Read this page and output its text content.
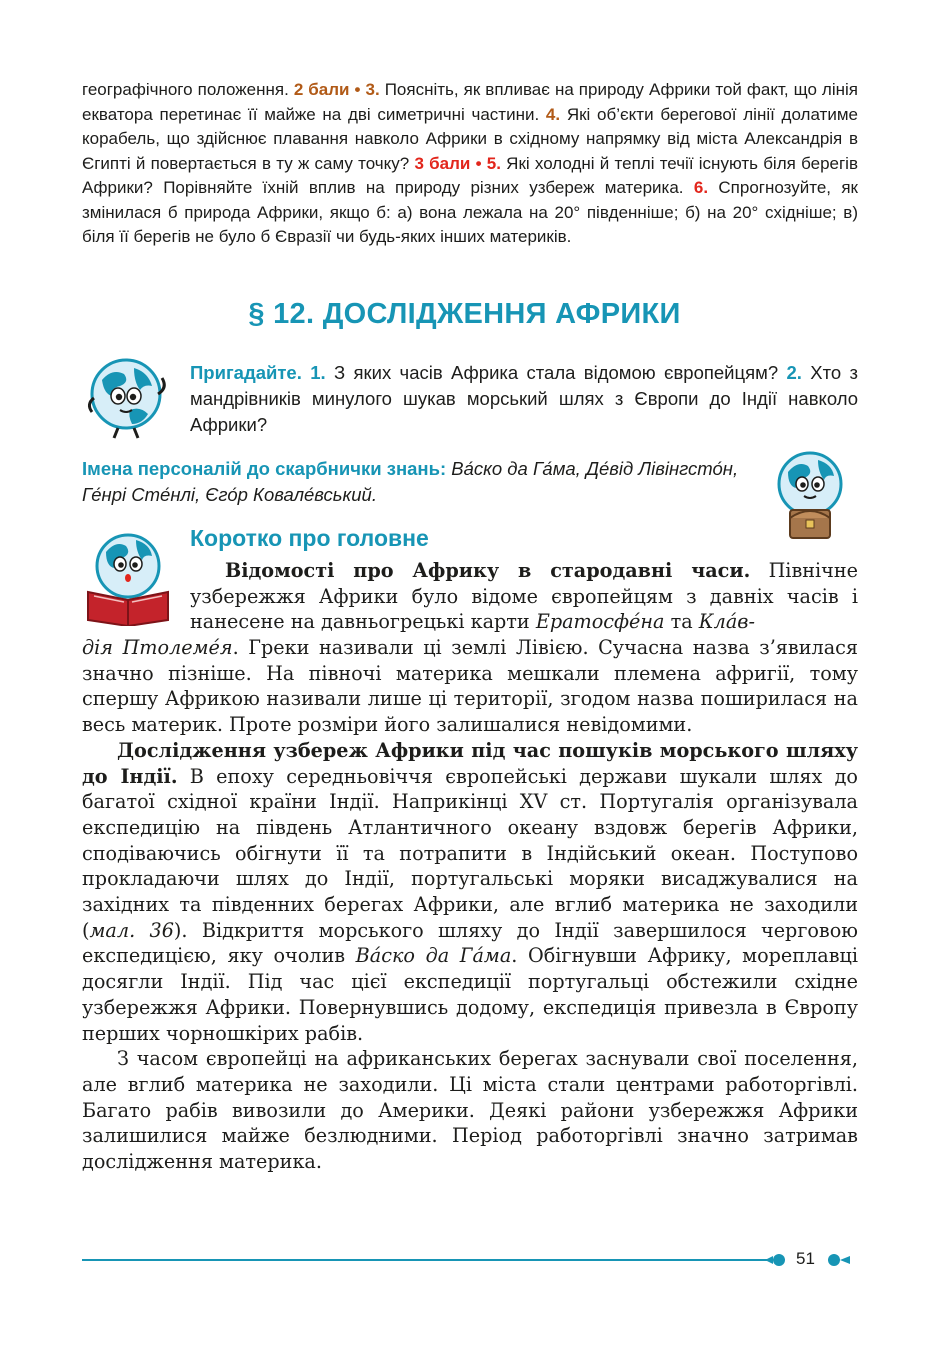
географічного положення. 2 бали • 3. Поясніть, як впливає на природу Африки той факт, що лінія екватора перетинає її майже на дві симетричні частини. 4. Які об’єкти берегової лінії долатиме корабель, що здійснює плавання навколо Африки в східному напрямку від міста Александрія в Єгипті й повертається в ту ж саму точку? 3 бали • 5. Які холодні й теплі течії існують біля берегів Африки? Порівняйте їхній вплив на природу різних узбереж материка. 6. Спрогнозуйте, як змінилася б природа Африки, якщо б: а) вона лежала на 20° південніше; б) на 20° східніше; в) біля її берегів не було б Євразії чи будь-яких інших материків.
§ 12. ДОСЛІДЖЕННЯ АФРИКИ
Пригадайте. 1. З яких часів Африка стала відомою європейцям? 2. Хто з мандрівників минулого шукав морський шлях з Європи до Індії навколо Африки?
Імена персоналій до скарбнички знань: Ва́ско да Га́ма, Де́від Лівінгсто́н, Ге́нрі Сте́нлі, Єго́р Ковале́вський.
Коротко про головне

Відомості про Африку в стародавні часи. Північне узбережжя Африки було відоме європейцям з давніх часів і нанесене на давньогрецькі карти Ератосфе́на та Кла́в-

дія Птолеме́я. Греки називали ці землі Лівією. Сучасна назва з’явилася значно пізніше. На півночі материка мешкали племена афригії, тому спершу Африкою називали лише ці території, згодом назва поширилася на весь материк. Проте розміри його залишалися невідомими.

Дослідження узбереж Африки під час пошуків морського шляху до Індії. В епоху середньовіччя європейські держави шукали шлях до багатої східної країни Індії. Наприкінці XV ст. Португалія організувала експедицію на південь Атлантичного океану вздовж берегів Африки, сподіваючись обігнути її та потрапити в Індійський океан. Поступово прокладаючи шлях до Індії, португальські моряки висаджувалися на західних та південних берегах Африки, але вглиб материка не заходили (мал. 36). Відкриття морського шляху до Індії завершилося черговою експедицією, яку очолив Ва́ско да Га́ма. Обігнувши Африку, мореплавці досягли Індії. Під час цієї експедиції португальці обстежили східне узбережжя Африки. Повернувшись додому, експедиція привезла в Європу перших чорношкірих рабів.

З часом європейці на африканських берегах заснували свої поселення, але вглиб материка не заходили. Ці міста стали центрами работоргівлі. Багато рабів вивозили до Америки. Деякі райони узбережжя Африки залишилися майже безлюдними. Період работоргівлі значно затримав дослідження материка.

51
